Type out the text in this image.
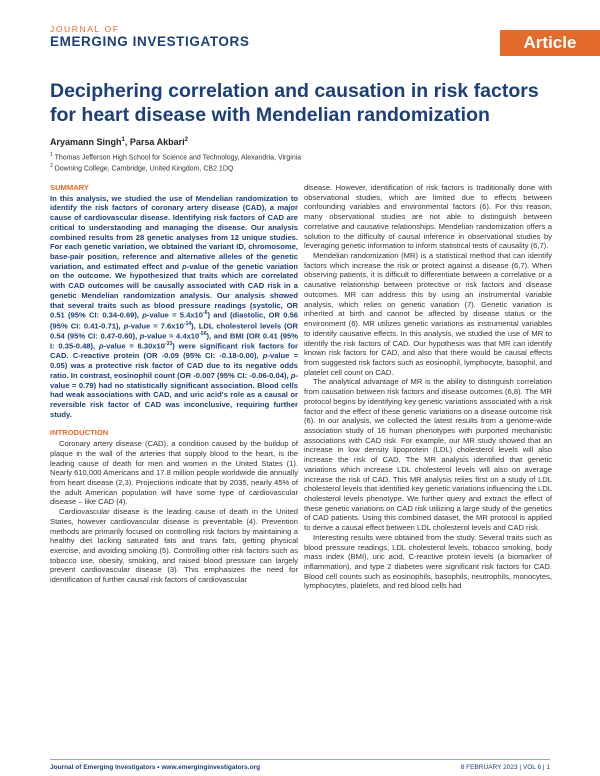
JOURNAL OF
EMERGING INVESTIGATORS	Article
Deciphering correlation and causation in risk factors for heart disease with Mendelian randomization
Aryamann Singh$^1$, Parsa Akbari$^2$
$^1$ Thomas Jefferson High School for Science and Technology, Alexandria, Virginia
$^2$ Downing College, Cambridge, United Kingdom, CB2 1DQ
SUMMARY
In this analysis, we studied the use of Mendelian randomization to identify the risk factors of coronary artery disease (CAD), a major cause of cardiovascular disease. Identifying risk factors of CAD are critical to understanding and managing the disease. Our analysis combined results from 28 genetic analyses from 12 unique studies. For each genetic variation, we obtained the variant ID, chromosome, base-pair position, reference and alternative alleles of the genetic variation, and estimated effect and p-value of the genetic variation on the outcome. We hypothesized that traits which are correlated with CAD outcomes will be causally associated with CAD risk in a genetic Mendelian randomization analysis. Our analysis showed that several traits such as blood pressure readings (systolic, OR 0.51 (95% CI: 0.34-0.69), p-value = $5.4x10^{-6}$) and (diastolic, OR 0.56 (95% CI: 0.41-0.71), p-value = $7.6x10^{-14}$), LDL cholesterol levels (OR 0.54 (95% CI: 0.47-0.60), p-value = $4.4x10^{-56}$), and BMI (OR 0.41 (95% I: 0.35-0.48), p-value = $6.30x10^{-33}$) were significant risk factors for CAD. C-reactive protein (OR -0.09 (95% CI: -0.18-0.00), p-value = 0.05) was a protective risk factor of CAD due to its negative odds ratio. In contrast, eosinophil count (OR -0.007 (95% CI: -0.06-0.04), p-value = 0.79) had no statistically significant association. Blood cells had weak associations with CAD, and uric acid's role as a causal or reversible risk factor of CAD was inconclusive, requiring further study.
INTRODUCTION

Coronary artery disease (CAD), a condition caused by the buildup of plaque in the wall of the arteries that supply blood to the heart, is the leading cause of death for men and women in the United States (1). Nearly 610,000 Americans and 17.8 million people worldwide die annually from heart disease (2,3). Projections indicate that by 2035, nearly 45% of the adult American population will have some type of cardiovascular disease – like CAD (4).

Cardiovascular disease is the leading cause of death in the United States, however cardiovascular disease is preventable (4). Prevention methods are primarily focused on controlling risk factors by maintaining a healthy diet lacking saturated fats and trans fats, getting physical exercise, and avoiding smoking (5). Controlling other risk factors such as tobacco use, obesity, smoking, and raised blood pressure can largely prevent cardiovascular disease (3). This emphasizes the need for identification of further causal risk factors of cardiovascular

disease. However, identification of risk factors is traditionally done with observational studies, which are limited due to effects between confounding variables and environmental factors (6). For this reason, many observational studies are not able to distinguish between correlative and causative relationships. Mendelian randomization offers a solution to the difficulty of causal inference in observational studies by leveraging genetic information to inform statistical tests of causality (6,7).

Mendelian randomization (MR) is a statistical method that can identify factors which increase the risk or protect against a disease (6,7). When observing patients, it is difficult to differentiate between a correlative or a causative relationship between protective or risk factors and disease outcomes. MR can address this by using an instrumental variable analysis, which relies on genetic variation (7). Genetic variation is inherited at birth and cannot be affected by disease status or the environment (6). MR utilizes genetic variations as instrumental variables to identify causative effects. In this analysis, we studied the use of MR to identify the risk factors of CAD. Our hypothesis was that MR can identify known risk factors for CAD, and also that there would be causal effects from suggested risk factors such as eosinophil, lymphocyte, basophil, and platelet cell count on CAD.

The analytical advantage of MR is the ability to distinguish correlation from causation between risk factors and disease outcomes (6,8). The MR protocol begins by identifying key genetic variations associated with a risk factor and the effect of these genetic variations on a disease outcome risk (6). In our analysis, we collected the latest results from a genome-wide association study of 16 human phenotypes with purported mechanistic associations with CAD risk. For example, our MR study showed that an increase in low density lipoprotein (LDL) cholesterol levels will also increase the risk of CAD. The MR analysis identified that genetic variations which increase LDL cholesterol levels will also on average increase the risk of CAD. This MR analysis relies first on a study of LDL cholesterol levels that identified key genetic variations influencing the LDL cholesterol levels phenotype. We further query and extract the effect of these genetic variations on CAD risk utilizing a large study of the genetics of CAD patients. Using this combined dataset, the MR protocol is applied to derive a causal effect between LDL cholesterol levels and CAD risk.

Interesting results were obtained from the study. Several traits such as blood pressure readings, LDL cholesterol levels, tobacco smoking, body mass index (BMI), uric acid, C-reactive protein levels (a biomarker of inflammation), and type 2 diabetes were significant risk factors for CAD. Blood cell counts such as eosinophils, basophils, neutrophils, monocytes, lymphocytes, platelets, and red blood cells had

Journal of Emerging Investigators • www.emerginginvestigators.org	8 FEBRUARY 2023 | VOL 6 | 1
